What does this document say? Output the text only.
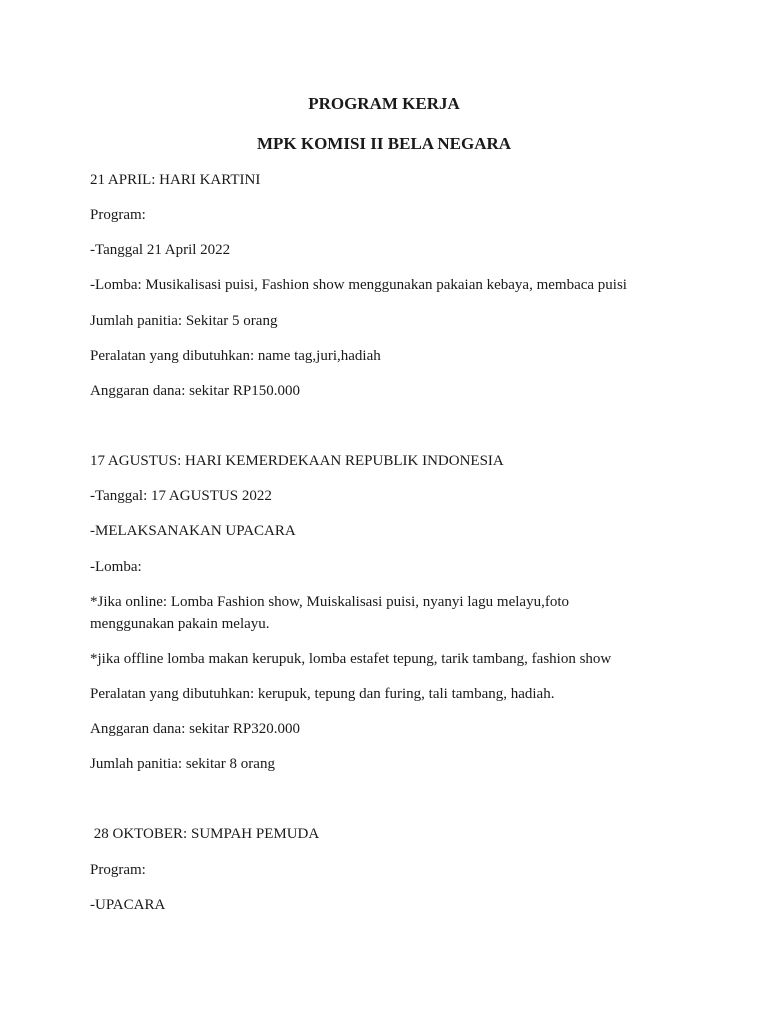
PROGRAM KERJA

MPK KOMISI II BELA NEGARA

21 APRIL: HARI KARTINI

Program:

-Tanggal 21 April 2022

-Lomba: Musikalisasi puisi, Fashion show menggunakan pakaian kebaya, membaca puisi

Jumlah panitia: Sekitar 5 orang

Peralatan yang dibutuhkan: name tag,juri,hadiah

Anggaran dana: sekitar RP150.000

17 AGUSTUS: HARI KEMERDEKAAN REPUBLIK INDONESIA

-Tanggal: 17 AGUSTUS 2022

-MELAKSANAKAN UPACARA

-Lomba:

*Jika online: Lomba Fashion show, Muiskalisasi puisi, nyanyi lagu melayu,foto

menggunakan pakain melayu.

*jika offline lomba makan kerupuk, lomba estafet tepung, tarik tambang, fashion show

Peralatan yang dibutuhkan: kerupuk, tepung dan furing, tali tambang, hadiah.

Anggaran dana: sekitar RP320.000

Jumlah panitia: sekitar 8 orang

28 OKTOBER: SUMPAH PEMUDA

Program:

-UPACARA
